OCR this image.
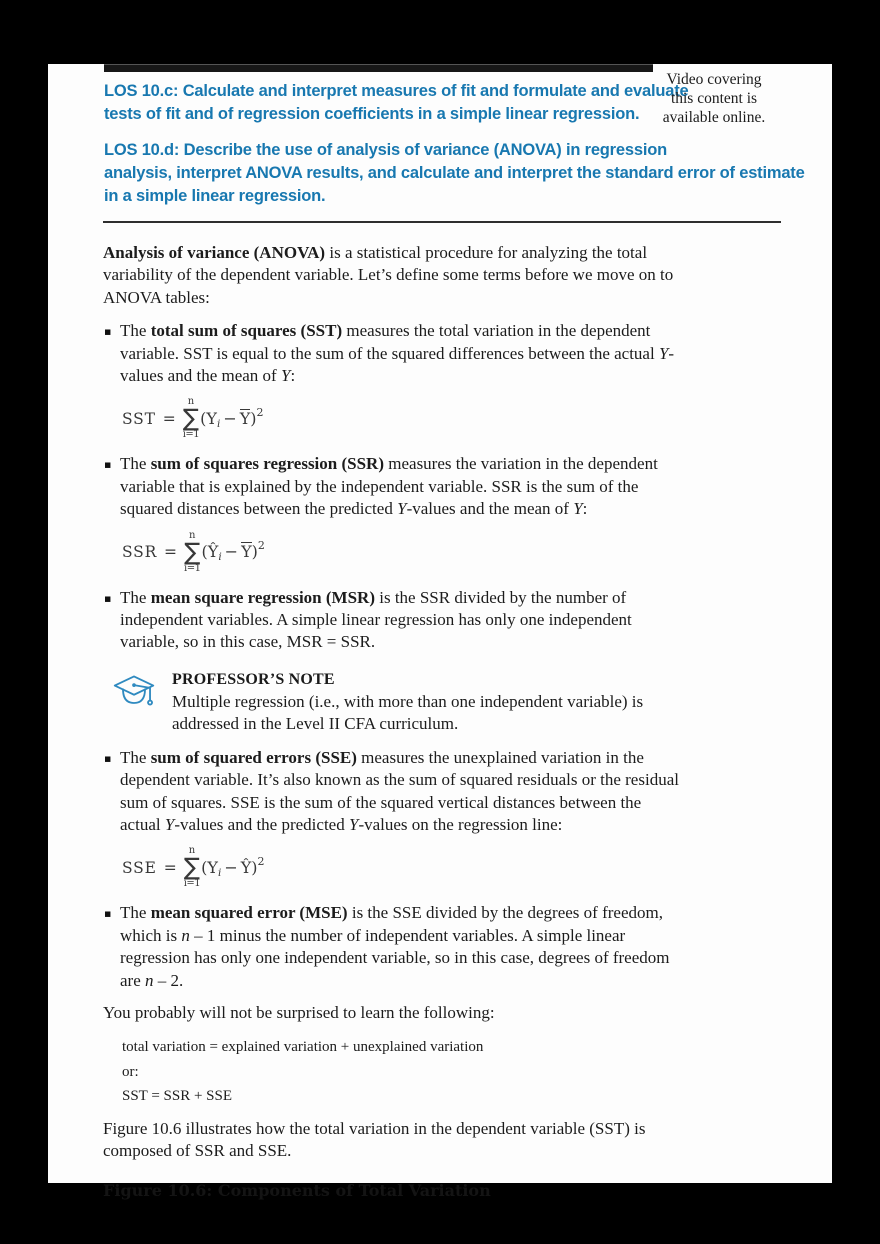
Video covering
this content is
available online.
LOS 10.c: Calculate and interpret measures of fit and formulate and evaluate
tests of fit and of regression coefficients in a simple linear regression.
LOS 10.d: Describe the use of analysis of variance (ANOVA) in regression
analysis, interpret ANOVA results, and calculate and interpret the standard error of estimate
in a simple linear regression.

Analysis of variance (ANOVA) is a statistical procedure for analyzing the total
variability of the dependent variable. Let’s define some terms before we move on to
ANOVA tables:

▪ The total sum of squares (SST) measures the total variation in the dependent
variable. SST is equal to the sum of the squared differences between the actual Y-
values and the mean of Y:
SST =
n
∑
i=1
$(Y_i - Y)^2$
▪ The sum of squares regression (SSR) measures the variation in the dependent
variable that is explained by the independent variable. SSR is the sum of the
squared distances between the predicted Y-values and the mean of Y:
SSR =
n
∑
i=1
$(Ŷ_i - Y)^2$
▪ The mean square regression (MSR) is the SSR divided by the number of
independent variables. A simple linear regression has only one independent
variable, so in this case, MSR = SSR.
PROFESSOR’S NOTE
Multiple regression (i.e., with more than one independent variable) is
addressed in the Level II CFA curriculum.
▪ The sum of squared errors (SSE) measures the unexplained variation in the
dependent variable. It’s also known as the sum of squared residuals or the residual
sum of squares. SSE is the sum of the squared vertical distances between the
actual Y-values and the predicted Y-values on the regression line:
SSE =
n
∑
i=1
($Y_i$ − Ŷ)$^2$
▪ The mean squared error (MSE) is the SSE divided by the degrees of freedom,
which is n – 1 minus the number of independent variables. A simple linear
regression has only one independent variable, so in this case, degrees of freedom
are n – 2.

You probably will not be surprised to learn the following:

total variation = explained variation + unexplained variation
or:
SST = SSR + SSE

Figure 10.6 illustrates how the total variation in the dependent variable (SST) is
composed of SSR and SSE.

Figure 10.6: Components of Total Variation
